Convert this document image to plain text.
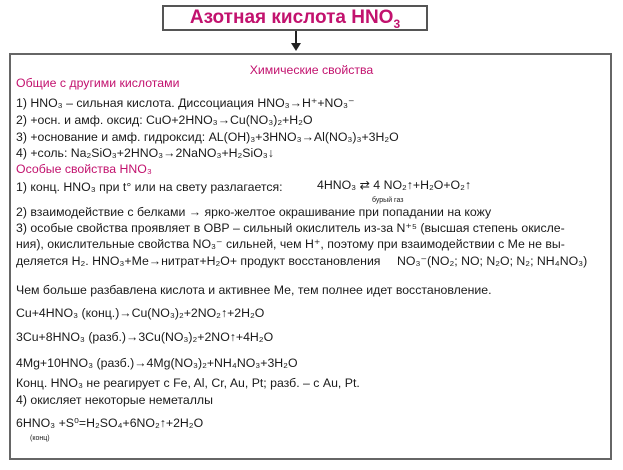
Азотная кислота $HNO_3$
Химические свойства
Общие с другими кислотами
1) HNO₃ – сильная кислота. Диссоциация HNO₃→H⁺+NO₃⁻
2) +осн. и амф. оксид: CuO+2HNO₃→Cu(NO₃)₂+H₂O
3) +основание и амф. гидроксид: AL(OH)₃+3HNO₃→Al(NO₃)₃+3H₂O
4) +соль: Na₂SiO₃+2HNO₃→2NaNO₃+H₂SiO₃↓
Особые свойства HNO₃
1) конц. HNO₃ при t° или на свету разлагается:	4HNO₃ ⇄ 4 NO₂↑+H₂O+O₂↑
бурый газ
2) взаимодействие с белками → ярко-желтое окрашивание при попадании на кожу
3) особые свойства проявляет в ОВР – сильный окислитель из-за N⁺⁵ (высшая степень окисле-
ния), окислительные свойства NO₃⁻ сильней, чем H⁺, поэтому при взаимодействии с Ме не вы-
деляется H₂. HNO₃+Ме→нитрат+H₂O+ продукт восстановления NO₃⁻(NO₂; NO; N₂O; N₂; NH₄NO₃)
Чем больше разбавлена кислота и активнее Ме, тем полнее идет восстановление.
Cu+4HNO₃ (конц.)→Cu(NO₃)₂+2NO₂↑+2H₂O
3Cu+8HNO₃ (разб.)→3Cu(NO₃)₂+2NO↑+4H₂O
4Mg+10HNO₃ (разб.)→4Mg(NO₃)₂+NH₄NO₃+3H₂O
Конц. HNO₃ не реагирует с Fe, Al, Cr, Au, Pt; разб. – с Au, Pt.
4) окисляет некоторые неметаллы
6HNO₃ +S⁰=H₂SO₄+6NO₂↑+2H₂O
(конц)
